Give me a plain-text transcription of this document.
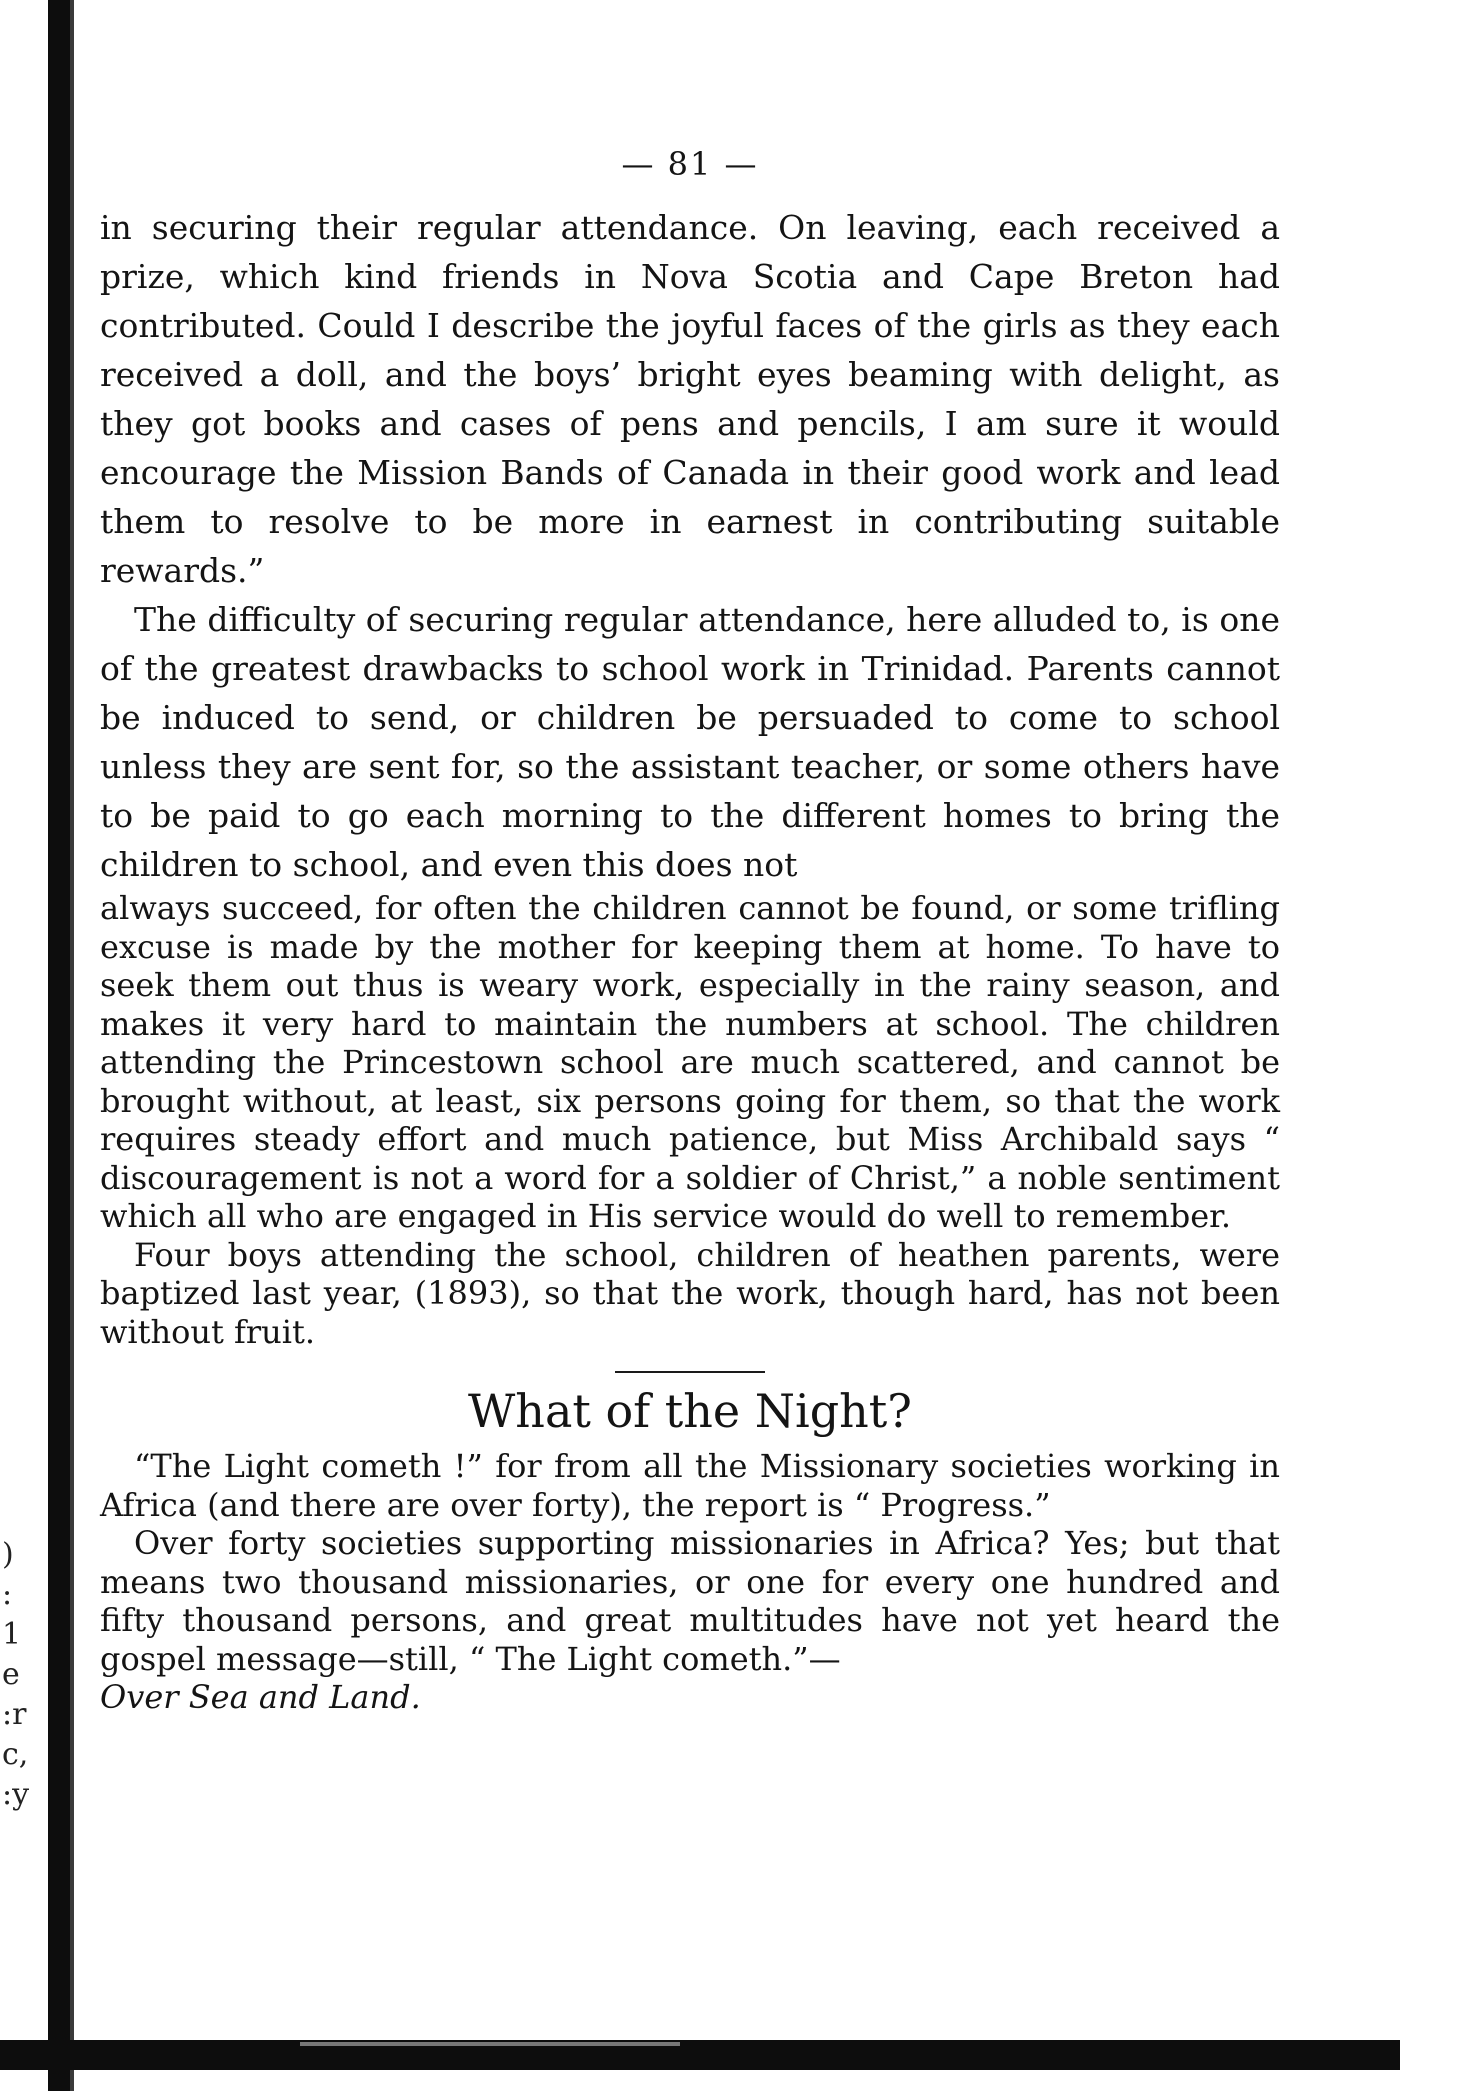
)
:
1
e
:r
c,
:y
— 81 —

in securing their regular attendance. On leaving, each received a prize, which kind friends in Nova Scotia and Cape Breton had contributed. Could I describe the joyful faces of the girls as they each received a doll, and the boys’ bright eyes beaming with delight, as they got books and cases of pens and pencils, I am sure it would encourage the Mission Bands of Canada in their good work and lead them to resolve to be more in earnest in contributing suitable rewards.”

The difficulty of securing regular attendance, here alluded to, is one of the greatest drawbacks to school work in Trinidad. Parents cannot be induced to send, or children be persuaded to come to school unless they are sent for, so the assistant teacher, or some others have to be paid to go each morning to the different homes to bring the children to school, and even this does not

always succeed, for often the children cannot be found, or some trifling excuse is made by the mother for keeping them at home. To have to seek them out thus is weary work, especially in the rainy season, and makes it very hard to maintain the numbers at school. The children attending the Princestown school are much scattered, and cannot be brought without, at least, six persons going for them, so that the work requires steady effort and much patience, but Miss Archibald says “ discouragement is not a word for a soldier of Christ,” a noble sentiment which all who are engaged in His service would do well to remember.

Four boys attending the school, children of heathen parents, were baptized last year, (1893), so that the work, though hard, has not been without fruit.

What of the Night?

“The Light cometh !” for from all the Missionary societies working in Africa (and there are over forty), the report is “ Progress.”

Over forty societies supporting missionaries in Africa? Yes; but that means two thousand missionaries, or one for every one hundred and fifty thousand persons, and great multitudes have not yet heard the gospel message—still, “ The Light cometh.”—

Over Sea and Land.
